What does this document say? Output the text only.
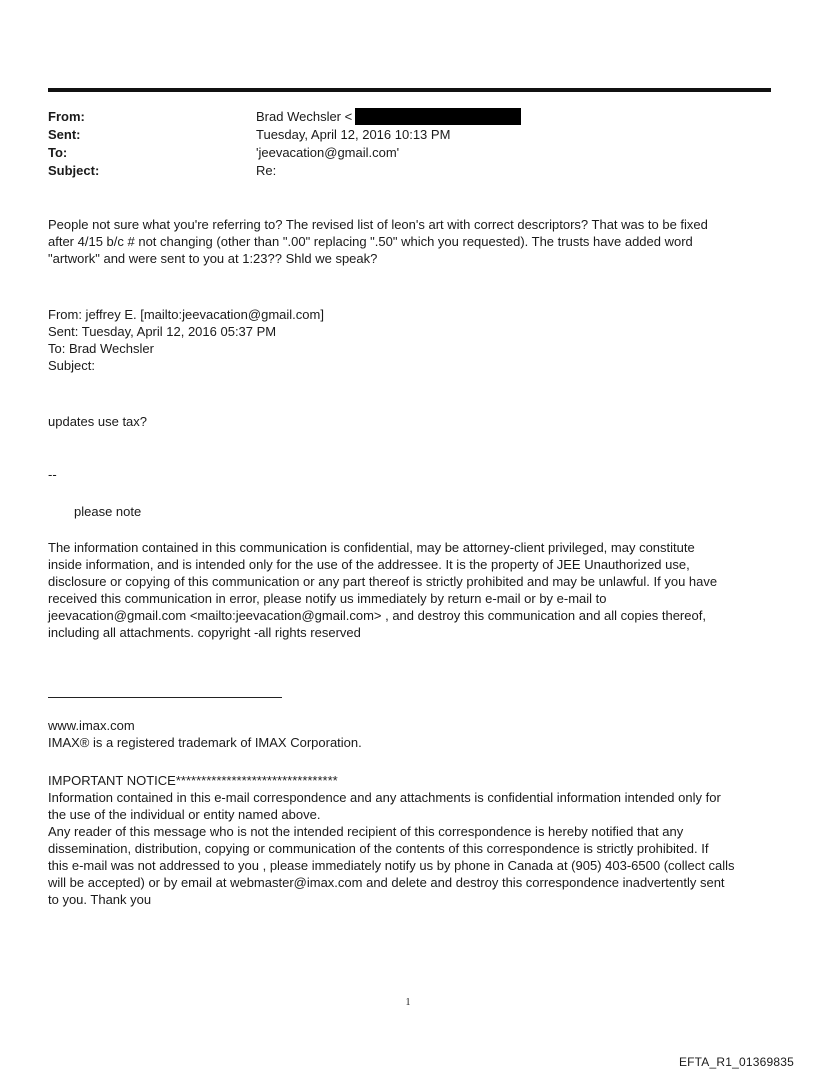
From:	Brad Wechsler <
Sent:	Tuesday, April 12, 2016 10:13 PM
To:	'jeevacation@gmail.com'
Subject:	Re:
People not sure what you're referring to? The revised list of leon's art with correct descriptors? That was to be fixed
after 4/15 b/c # not changing (other than ".00" replacing ".50" which you requested). The trusts have added word
"artwork" and were sent to you at 1:23?? Shld we speak?
From: jeffrey E. [mailto:jeevacation@gmail.com]
Sent: Tuesday, April 12, 2016 05:37 PM
To: Brad Wechsler
Subject:
updates use tax?
--
please note
The information contained in this communication is confidential, may be attorney-client privileged, may constitute
inside information, and is intended only for the use of the addressee. It is the property of JEE Unauthorized use,
disclosure or copying of this communication or any part thereof is strictly prohibited and may be unlawful. If you have
received this communication in error, please notify us immediately by return e-mail or by e-mail to
jeevacation@gmail.com <mailto:jeevacation@gmail.com> , and destroy this communication and all copies thereof,
including all attachments. copyright -all rights reserved
www.imax.com
IMAX® is a registered trademark of IMAX Corporation.
IMPORTANT NOTICE********************************
Information contained in this e-mail correspondence and any attachments is confidential information intended only for
the use of the individual or entity named above.
Any reader of this message who is not the intended recipient of this correspondence is hereby notified that any
dissemination, distribution, copying or communication of the contents of this correspondence is strictly prohibited. If
this e-mail was not addressed to you , please immediately notify us by phone in Canada at (905) 403-6500 (collect calls
will be accepted) or by email at webmaster@imax.com and delete and destroy this correspondence inadvertently sent
to you. Thank you
1
EFTA_R1_01369835
